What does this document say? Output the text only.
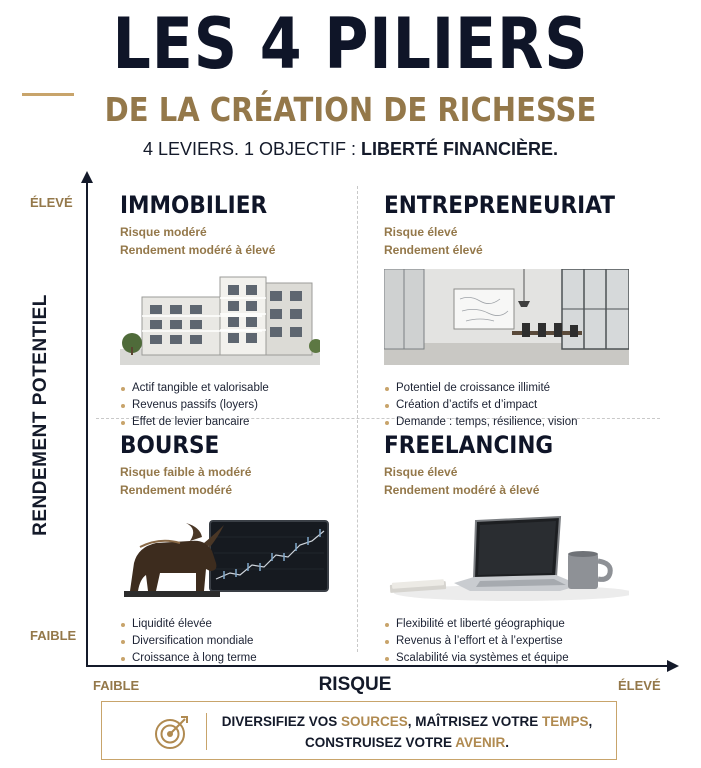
LES 4 PILIERS
DE LA CRÉATION DE RICHESSE
4 LEVIERS. 1 OBJECTIF : LIBERTÉ FINANCIÈRE.
RENDEMENT POTENTIEL
RISQUE
ÉLEVÉ
FAIBLE
FAIBLE	ÉLEVÉ
IMMOBILIER
Risque modéré
Rendement modéré à élevé
Actif tangible et valorisable
Revenus passifs (loyers)
Effet de levier bancaire
ENTREPRENEURIAT
Risque élevé
Rendement élevé
Potentiel de croissance illimité
Création d’actifs et d’impact
Demande : temps, résilience, vision
BOURSE
Risque faible à modéré
Rendement modéré
Liquidité élevée
Diversification mondiale
Croissance à long terme
FREELANCING
Risque élevé
Rendement modéré à élevé
Flexibilité et liberté géographique
Revenus à l’effort et à l’expertise
Scalabilité via systèmes et équipe
DIVERSIFIEZ VOS SOURCES, MAÎTRISEZ VOTRE TEMPS,
CONSTRUISEZ VOTRE AVENIR.
